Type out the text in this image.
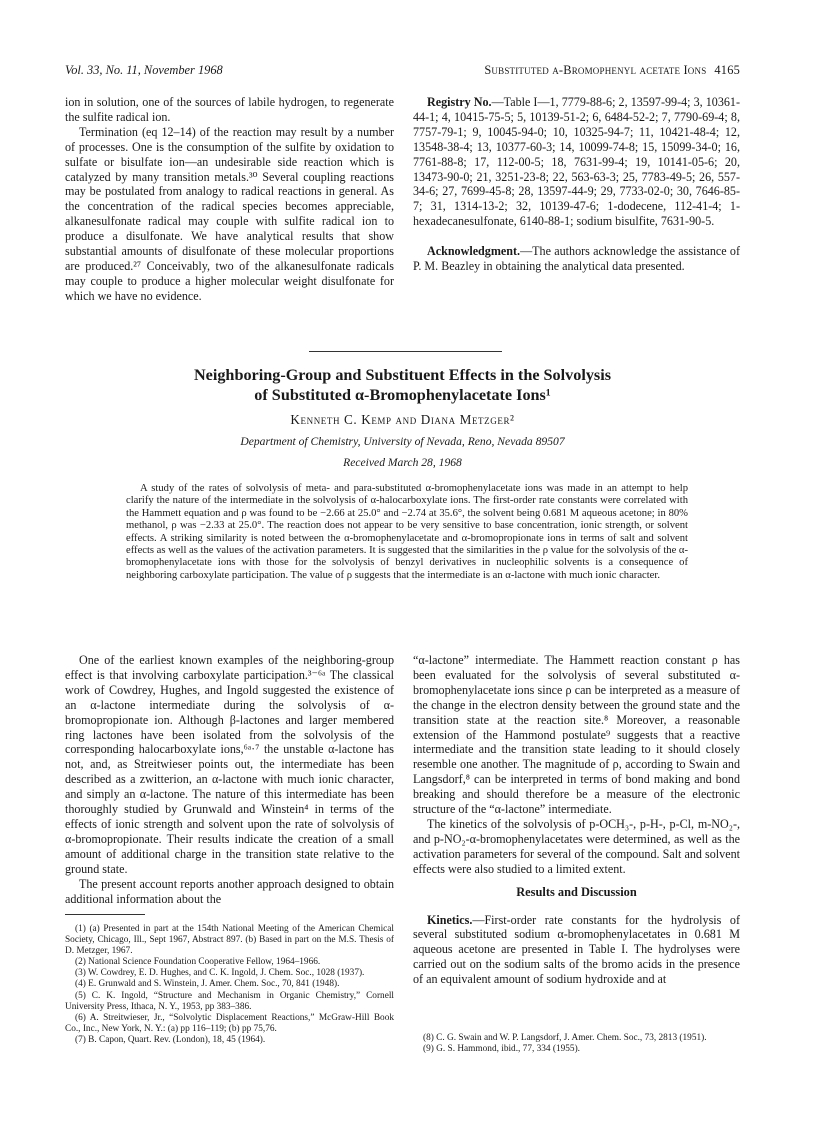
Vol. 33, No. 11, November 1968	Substituted α-Bromophenyl acetate Ions 4165

ion in solution, one of the sources of labile hydrogen, to regenerate the sulfite radical ion.

Termination (eq 12–14) of the reaction may result by a number of processes. One is the consumption of the sulfite by oxidation to sulfate or bisulfate ion—an undesirable side reaction which is catalyzed by many transition metals.³⁰ Several coupling reactions may be postulated from analogy to radical reactions in general. As the concentration of the radical species becomes appreciable, alkanesulfonate radical may couple with sulfite radical ion to produce a disulfonate. We have analytical results that show substantial amounts of disulfonate of these molecular proportions are produced.²⁷ Conceivably, two of the alkanesulfonate radicals may couple to produce a higher molecular weight disulfonate for which we have no evidence.

Registry No.—Table I—1, 7779-88-6; 2, 13597-99-4; 3, 10361-44-1; 4, 10415-75-5; 5, 10139-51-2; 6, 6484-52-2; 7, 7790-69-4; 8, 7757-79-1; 9, 10045-94-0; 10, 10325-94-7; 11, 10421-48-4; 12, 13548-38-4; 13, 10377-60-3; 14, 10099-74-8; 15, 15099-34-0; 16, 7761-88-8; 17, 112-00-5; 18, 7631-99-4; 19, 10141-05-6; 20, 13473-90-0; 21, 3251-23-8; 22, 563-63-3; 25, 7783-49-5; 26, 557-34-6; 27, 7699-45-8; 28, 13597-44-9; 29, 7733-02-0; 30, 7646-85-7; 31, 1314-13-2; 32, 10139-47-6; 1-dodecene, 112-41-4; 1-hexadecanesulfonate, 6140-88-1; sodium bisulfite, 7631-90-5.

Acknowledgment.—The authors acknowledge the assistance of P. M. Beazley in obtaining the analytical data presented.

Neighboring-Group and Substituent Effects in the Solvolysis
of Substituted α-Bromophenylacetate Ions¹
Kenneth C. Kemp and Diana Metzger²
Department of Chemistry, University of Nevada, Reno, Nevada 89507
Received March 28, 1968

A study of the rates of solvolysis of meta- and para-substituted α-bromophenylacetate ions was made in an attempt to help clarify the nature of the intermediate in the solvolysis of α-halocarboxylate ions. The first-order rate constants were correlated with the Hammett equation and ρ was found to be −2.66 at 25.0° and −2.74 at 35.6°, the solvent being 0.681 M aqueous acetone; in 80% methanol, ρ was −2.33 at 25.0°. The reaction does not appear to be very sensitive to base concentration, ionic strength, or solvent effects. A striking similarity is noted between the α-bromophenylacetate and α-bromopropionate ions in terms of salt and solvent effects as well as the values of the activation parameters. It is suggested that the similarities in the ρ value for the solvolysis of the α-bromophenylacetate ions with those for the solvolysis of benzyl derivatives in nucleophilic solvents is a consequence of neighboring carboxylate participation. The value of ρ suggests that the intermediate is an α-lactone with much ionic character.

One of the earliest known examples of the neighboring-group effect is that involving carboxylate participation.³⁻⁶ᵃ The classical work of Cowdrey, Hughes, and Ingold suggested the existence of an α-lactone intermediate during the solvolysis of α-bromopropionate ion. Although β-lactones and larger membered ring lactones have been isolated from the solvolysis of the corresponding halocarboxylate ions,⁶ᵃ·⁷ the unstable α-lactone has not, and, as Streitwieser points out, the intermediate has been described as a zwitterion, an α-lactone with much ionic character, and simply an α-lactone. The nature of this intermediate has been thoroughly studied by Grunwald and Winstein⁴ in terms of the effects of ionic strength and solvent upon the rate of solvolysis of α-bromopropionate. Their results indicate the creation of a small amount of additional charge in the transition state relative to the ground state.

The present account reports another approach designed to obtain additional information about the

“α-lactone” intermediate. The Hammett reaction constant ρ has been evaluated for the solvolysis of several substituted α-bromophenylacetate ions since ρ can be interpreted as a measure of the change in the electron density between the ground state and the transition state at the reaction site.⁸ Moreover, a reasonable extension of the Hammond postulate⁹ suggests that a reactive intermediate and the transition state leading to it should closely resemble one another. The magnitude of ρ, according to Swain and Langsdorf,⁸ can be interpreted in terms of bond making and bond breaking and should therefore be a measure of the electronic structure of the “α-lactone” intermediate.

The kinetics of the solvolysis of p-OCH₃-, p-H-, p-Cl, m-NO₂-, and p-NO₂-α-bromophenylacetates were determined, as well as the activation parameters for several of the compound. Salt and solvent effects were also studied to a limited extent.

Results and Discussion

Kinetics.—First-order rate constants for the hydrolysis of several substituted sodium α-bromophenylacetates in 0.681 M aqueous acetone are presented in Table I. The hydrolyses were carried out on the sodium salts of the bromo acids in the presence of an equivalent amount of sodium hydroxide and at

(1) (a) Presented in part at the 154th National Meeting of the American Chemical Society, Chicago, Ill., Sept 1967, Abstract 897. (b) Based in part on the M.S. Thesis of D. Metzger, 1967.

(2) National Science Foundation Cooperative Fellow, 1964–1966.

(3) W. Cowdrey, E. D. Hughes, and C. K. Ingold, J. Chem. Soc., 1028 (1937).

(4) E. Grunwald and S. Winstein, J. Amer. Chem. Soc., 70, 841 (1948).

(5) C. K. Ingold, “Structure and Mechanism in Organic Chemistry,” Cornell University Press, Ithaca, N. Y., 1953, pp 383–386.

(6) A. Streitwieser, Jr., “Solvolytic Displacement Reactions,” McGraw-Hill Book Co., Inc., New York, N. Y.: (a) pp 116–119; (b) pp 75,76.

(7) B. Capon, Quart. Rev. (London), 18, 45 (1964).	(8) C. G. Swain and W. P. Langsdorf, J. Amer. Chem. Soc., 73, 2813 (1951).

(9) G. S. Hammond, ibid., 77, 334 (1955).
